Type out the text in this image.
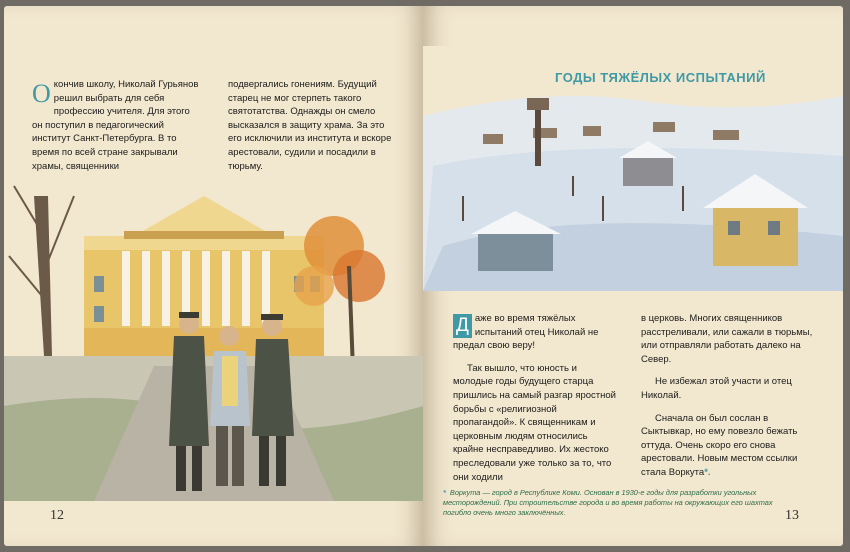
О кончив школу, Николай Гурьянов решил выбрать для себя профессию учителя. Для этого он поступил в педагогический институт Санкт-Петербурга. В то время по всей стране закрывали храмы, священники
подвергались гонениям. Будущий старец не мог стерпеть такого святотатства. Однажды он смело высказался в защиту храма. За это его исключили из института и вскоре арестовали, судили и посадили в тюрьму.
12
ГОДЫ ТЯЖЁЛЫХ ИСПЫТАНИЙ

Д аже во время тяжёлых испытаний отец Николай не предал свою веру!

Так вышло, что юность и молодые годы будущего старца пришлись на самый разгар яростной борьбы с «религиозной пропагандой». К священникам и церковным людям относились крайне несправедливо. Их жестоко преследовали уже только за то, что они ходили

в церковь. Многих священников расстреливали, или сажали в тюрьмы, или отправляли работать далеко на Север.

Не избежал этой участи и отец Николай.

Сначала он был сослан в Сыктывкар, но ему повезло бежать оттуда. Очень скоро его снова арестовали. Новым местом ссылки стала Воркута*.

* Воркута — город в Республике Коми. Основан в 1930-е годы для разработки угольных месторождений. При строительстве города и во время работы на окружающих его шахтах погибло очень много заключённых.	13
